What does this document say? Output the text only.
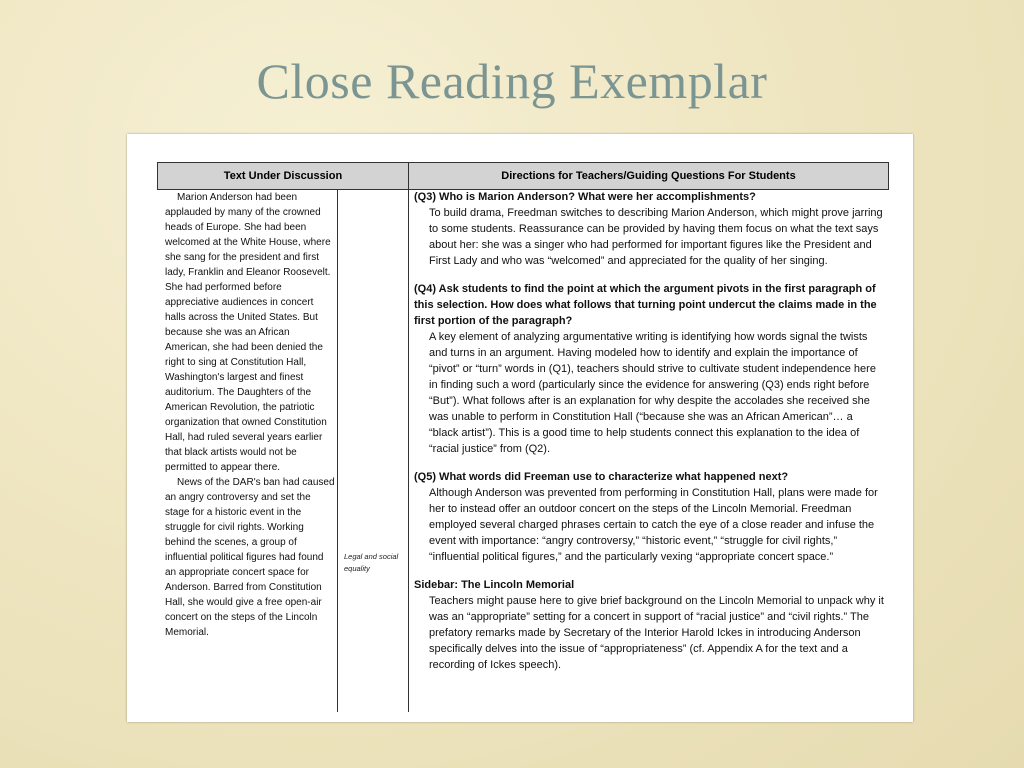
Close Reading Exemplar
Text Under Discussion	Directions for Teachers/Guiding Questions For Students

Marion Anderson had been applauded by many of the crowned heads of Europe. She had been welcomed at the White House, where she sang for the president and first lady, Franklin and Eleanor Roosevelt. She had performed before appreciative audiences in concert halls across the United States. But because she was an African American, she had been denied the right to sing at Constitution Hall, Washington's largest and finest auditorium. The Daughters of the American Revolution, the patriotic organization that owned Constitution Hall, had ruled several years earlier that black artists would not be permitted to appear there.

News of the DAR's ban had caused an angry controversy and set the stage for a historic event in the struggle for civil rights. Working behind the scenes, a group of influential political figures had found an appropriate concert space for Anderson. Barred from Constitution Hall, she would give a free open-air concert on the steps of the Lincoln Memorial.

Legal and social equality

(Q3) Who is Marion Anderson? What were her accomplishments?

To build drama, Freedman switches to describing Marion Anderson, which might prove jarring to some students. Reassurance can be provided by having them focus on what the text says about her: she was a singer who had performed for important figures like the President and First Lady and who was “welcomed” and appreciated for the quality of her singing.

(Q4) Ask students to find the point at which the argument pivots in the first paragraph of this selection. How does what follows that turning point undercut the claims made in the first portion of the paragraph?

A key element of analyzing argumentative writing is identifying how words signal the twists and turns in an argument. Having modeled how to identify and explain the importance of “pivot” or “turn” words in (Q1), teachers should strive to cultivate student independence here in finding such a word (particularly since the evidence for answering (Q3) ends right before “But”). What follows after is an explanation for why despite the accolades she received she was unable to perform in Constitution Hall (“because she was an African American”… a “black artist”). This is a good time to help students connect this explanation to the idea of “racial justice” from (Q2).

(Q5) What words did Freeman use to characterize what happened next?

Although Anderson was prevented from performing in Constitution Hall, plans were made for her to instead offer an outdoor concert on the steps of the Lincoln Memorial. Freedman employed several charged phrases certain to catch the eye of a close reader and infuse the event with importance: “angry controversy,” “historic event,” “struggle for civil rights,” “influential political figures,” and the particularly vexing “appropriate concert space.”

Sidebar: The Lincoln Memorial

Teachers might pause here to give brief background on the Lincoln Memorial to unpack why it was an “appropriate” setting for a concert in support of “racial justice” and “civil rights.” The prefatory remarks made by Secretary of the Interior Harold Ickes in introducing Anderson specifically delves into the issue of “appropriateness” (cf. Appendix A for the text and a recording of Ickes speech).
